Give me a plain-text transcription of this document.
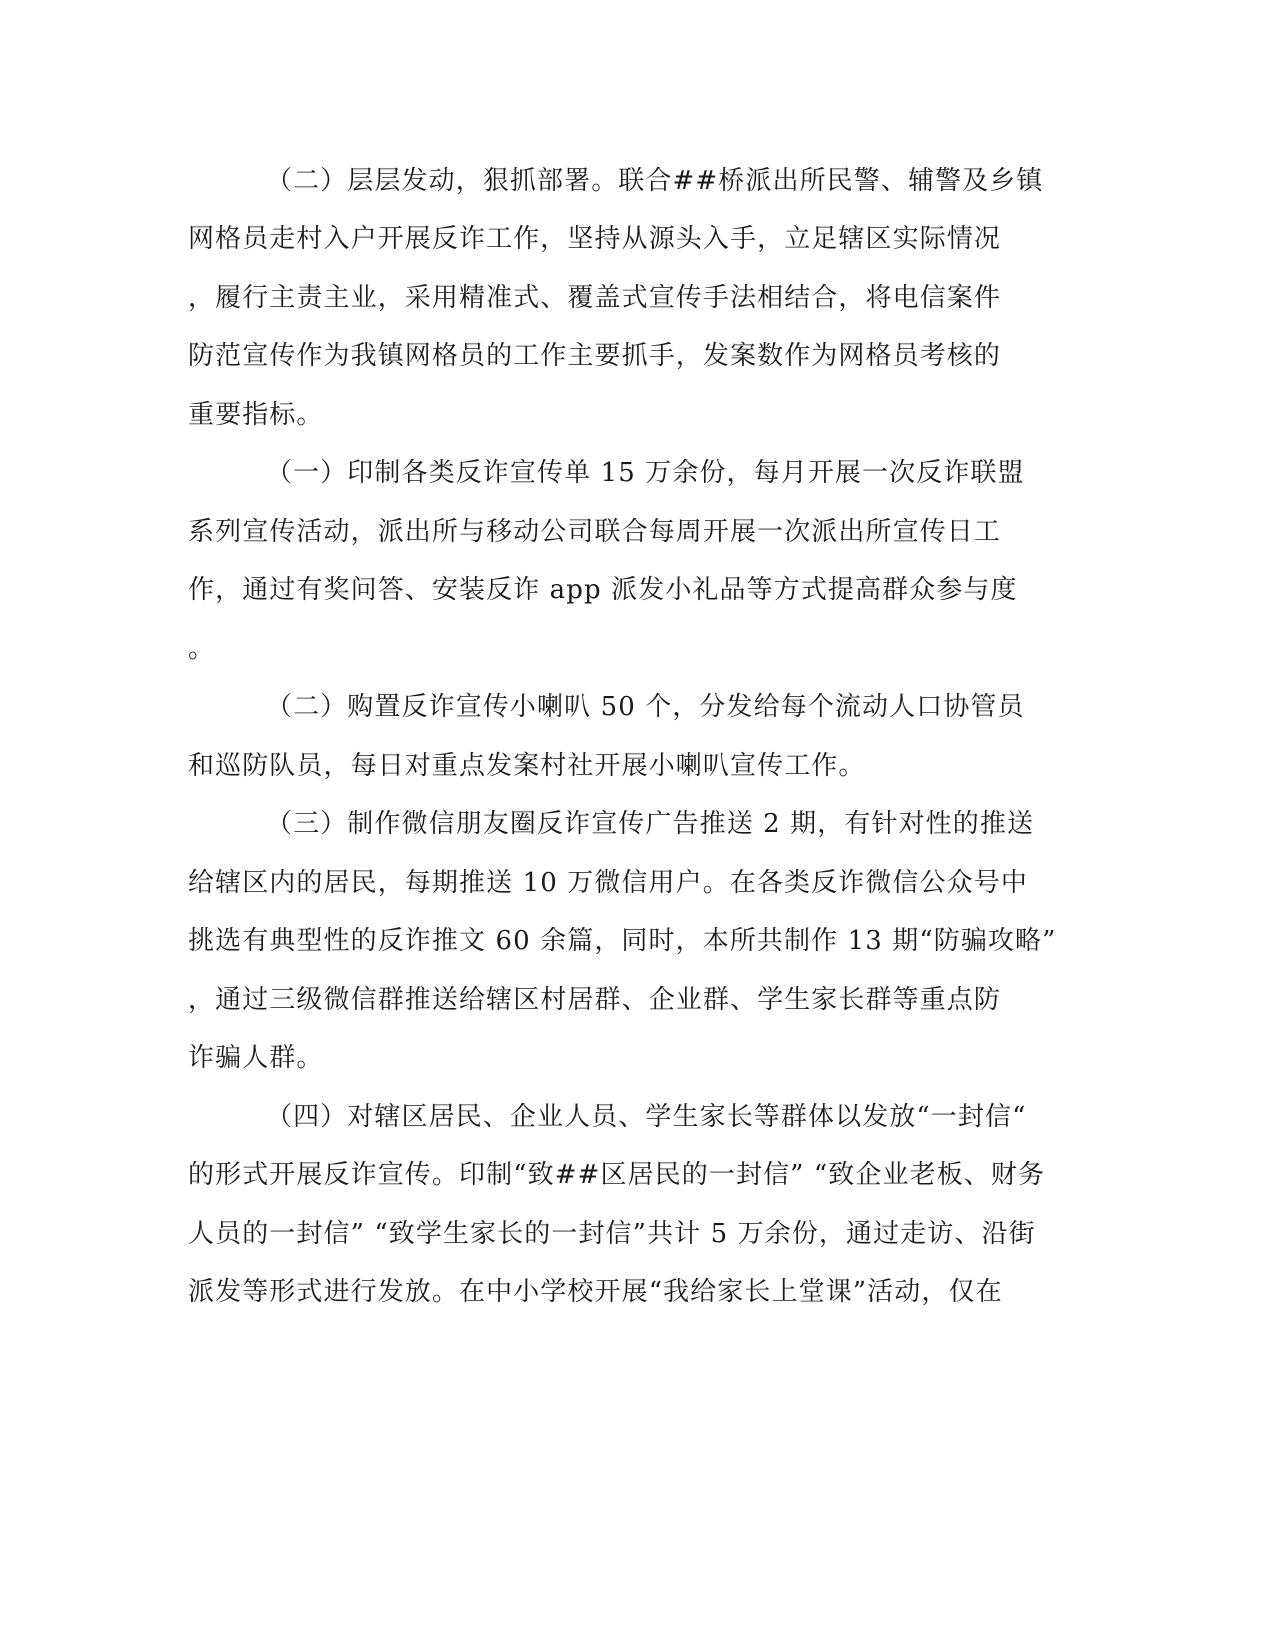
（二）层层发动，狠抓部署。联合##桥派出所民警、辅警及乡镇

网格员走村入户开展反诈工作，坚持从源头入手，立足辖区实际情况

，履行主责主业，采用精准式、覆盖式宣传手法相结合，将电信案件

防范宣传作为我镇网格员的工作主要抓手，发案数作为网格员考核的

重要指标。

（一）印制各类反诈宣传单 15 万余份，每月开展一次反诈联盟

系列宣传活动，派出所与移动公司联合每周开展一次派出所宣传日工

作，通过有奖问答、安装反诈 app 派发小礼品等方式提高群众参与度

。

（二）购置反诈宣传小喇叭 50 个，分发给每个流动人口协管员

和巡防队员，每日对重点发案村社开展小喇叭宣传工作。

（三）制作微信朋友圈反诈宣传广告推送 2 期，有针对性的推送

给辖区内的居民，每期推送 10 万微信用户。在各类反诈微信公众号中

挑选有典型性的反诈推文 60 余篇，同时，本所共制作 13 期“防骗攻略”

，通过三级微信群推送给辖区村居群、企业群、学生家长群等重点防

诈骗人群。

（四）对辖区居民、企业人员、学生家长等群体以发放“一封信“

的形式开展反诈宣传。印制“致##区居民的一封信” “致企业老板、财务

人员的一封信” “致学生家长的一封信”共计 5 万余份，通过走访、沿街

派发等形式进行发放。在中小学校开展“我给家长上堂课”活动，仅在
